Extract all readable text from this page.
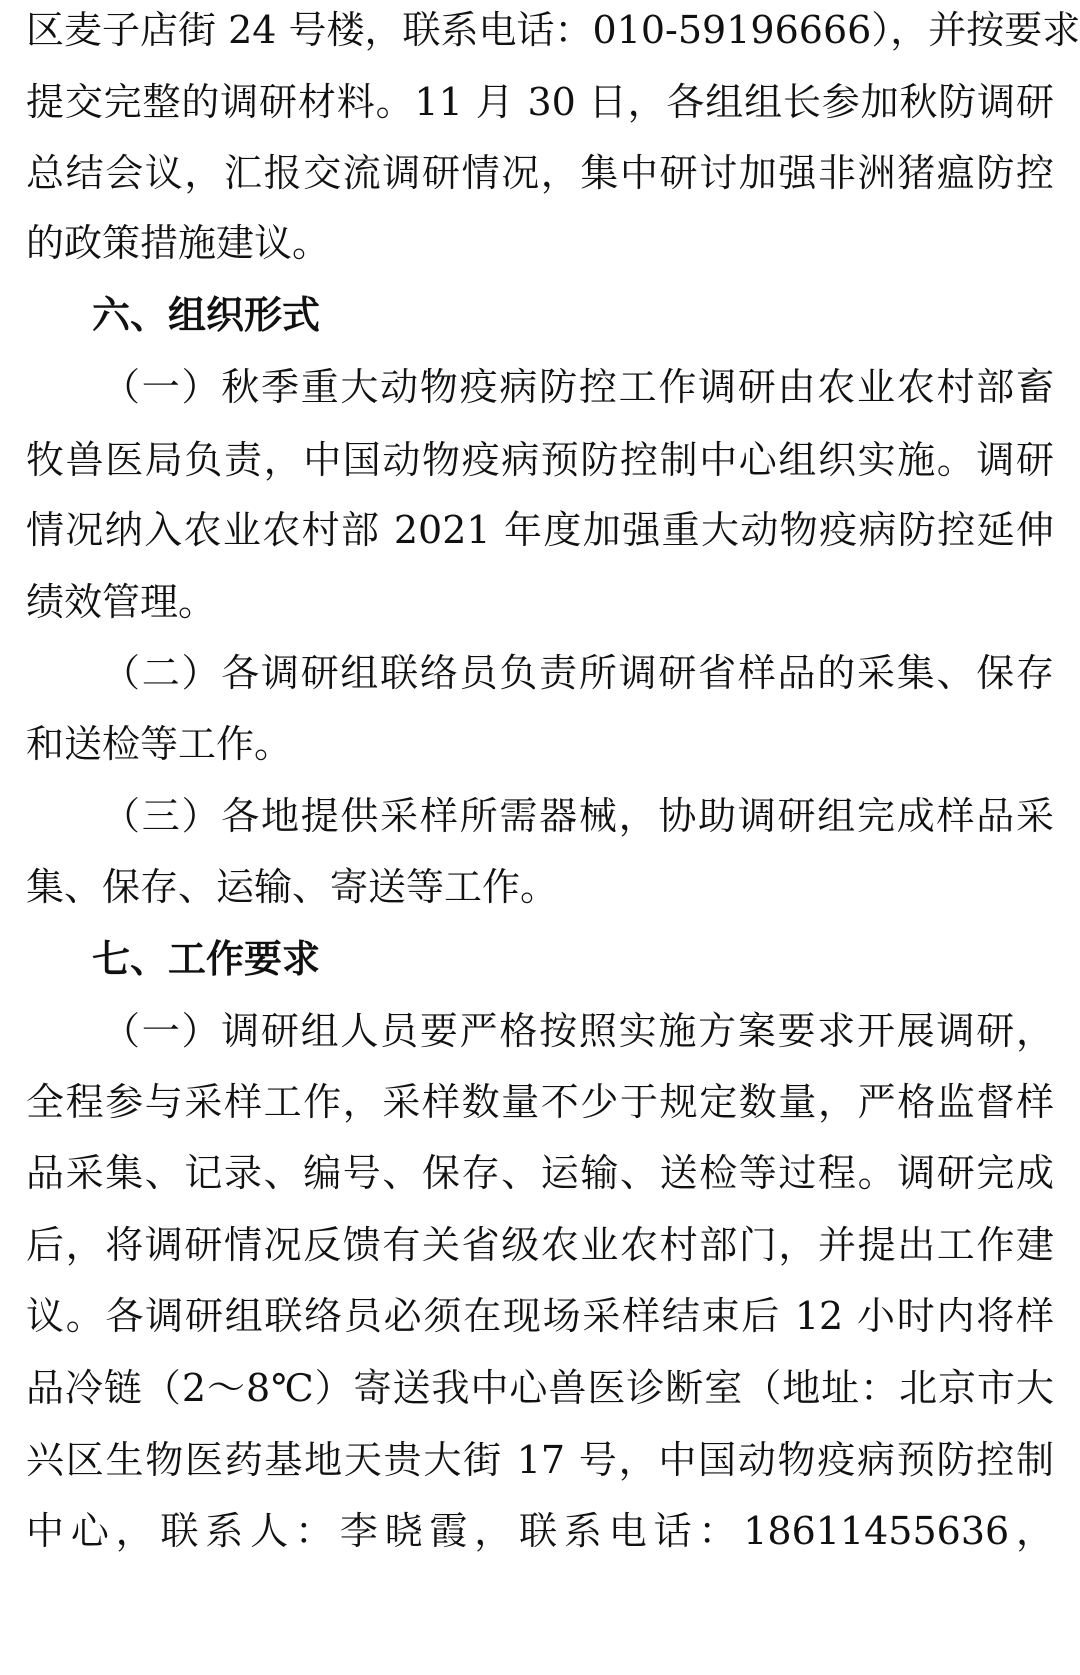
区麦子店街 24 号楼，联系电话：010-59196666），并按要求
提交完整的调研材料。11 月 30 日，各组组长参加秋防调研
总结会议，汇报交流调研情况，集中研讨加强非洲猪瘟防控
的政策措施建议。
六、组织形式
（一）秋季重大动物疫病防控工作调研由农业农村部畜
牧兽医局负责，中国动物疫病预防控制中心组织实施。调研
情况纳入农业农村部 2021 年度加强重大动物疫病防控延伸
绩效管理。
（二）各调研组联络员负责所调研省样品的采集、保存
和送检等工作。
（三）各地提供采样所需器械，协助调研组完成样品采
集、保存、运输、寄送等工作。
七、工作要求
（一）调研组人员要严格按照实施方案要求开展调研，
全程参与采样工作，采样数量不少于规定数量，严格监督样
品采集、记录、编号、保存、运输、送检等过程。调研完成
后，将调研情况反馈有关省级农业农村部门，并提出工作建
议。各调研组联络员必须在现场采样结束后 12 小时内将样
品冷链（2～8℃）寄送我中心兽医诊断室（地址：北京市大
兴区生物医药基地天贵大街 17 号，中国动物疫病预防控制
中心，联系人：李晓霞，联系电话：18611455636，
